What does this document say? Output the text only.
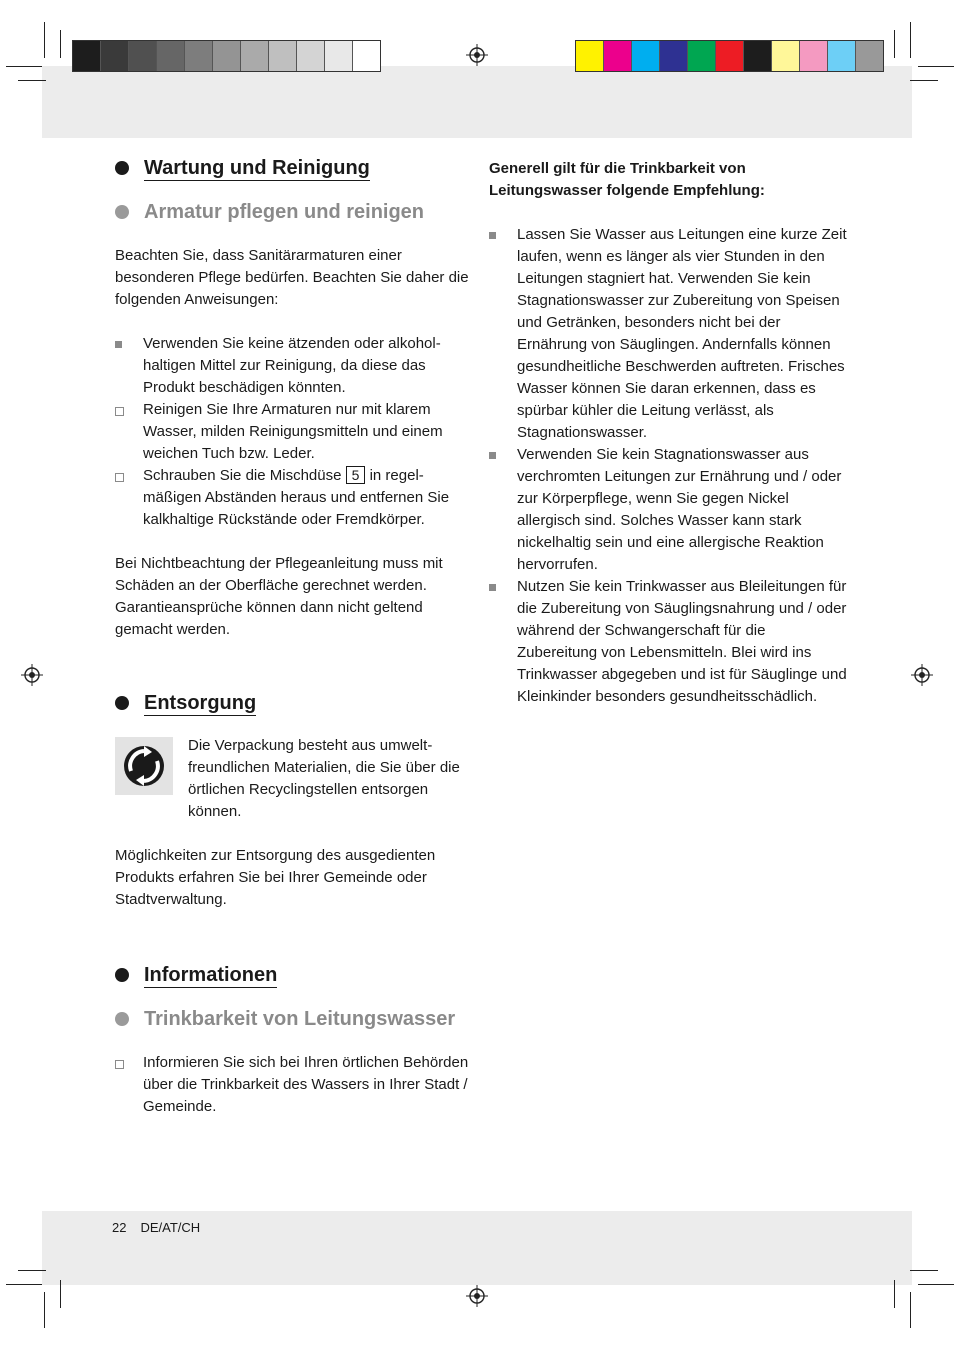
Wartung und Reinigung
Armatur pflegen und reinigen

Beachten Sie, dass Sanitärarmaturen einer besonderen Pflege bedürfen. Beachten Sie daher die folgenden Anweisungen:

Verwenden Sie keine ätzenden oder alkoholhaltigen Mittel zur Reinigung, da diese das Produkt beschädigen könnten.
Reinigen Sie Ihre Armaturen nur mit klarem Wasser, milden Reinigungsmitteln und einem weichen Tuch bzw. Leder.
Schrauben Sie die Mischdüse 5 in regelmäßigen Abständen heraus und entfernen Sie kalkhaltige Rückstände oder Fremdkörper.

Bei Nichtbeachtung der Pflegeanleitung muss mit Schäden an der Oberfläche gerechnet werden. Garantieansprüche können dann nicht geltend gemacht werden.

Entsorgung

Die Verpackung besteht aus umweltfreundlichen Materialien, die Sie über die örtlichen Recyclingstellen entsorgen können.

Möglichkeiten zur Entsorgung des ausgedienten Produkts erfahren Sie bei Ihrer Gemeinde oder Stadtverwaltung.

Informationen
Trinkbarkeit von Leitungswasser
Informieren Sie sich bei Ihren örtlichen Behörden über die Trinkbarkeit des Wassers in Ihrer Stadt / Gemeinde.

Generell gilt für die Trinkbarkeit von Leitungswasser folgende Empfehlung:

Lassen Sie Wasser aus Leitungen eine kurze Zeit laufen, wenn es länger als vier Stunden in den Leitungen stagniert hat. Verwenden Sie kein Stagnationswasser zur Zubereitung von Speisen und Getränken, besonders nicht bei der Ernährung von Säuglingen. Andernfalls können gesundheitliche Beschwerden auftreten. Frisches Wasser können Sie daran erkennen, dass es spürbar kühler die Leitung verlässt, als Stagnationswasser.
Verwenden Sie kein Stagnationswasser aus verchromten Leitungen zur Ernährung und / oder zur Körperpflege, wenn Sie gegen Nickel allergisch sind. Solches Wasser kann stark nickelhaltig sein und eine allergische Reaktion hervorrufen.
Nutzen Sie kein Trinkwasser aus Bleileitungen für die Zubereitung von Säuglingsnahrung und / oder während der Schwangerschaft für die Zubereitung von Lebensmitteln. Blei wird ins Trinkwasser abgegeben und ist für Säuglinge und Kleinkinder besonders gesundheitsschädlich.
22 DE/AT/CH
